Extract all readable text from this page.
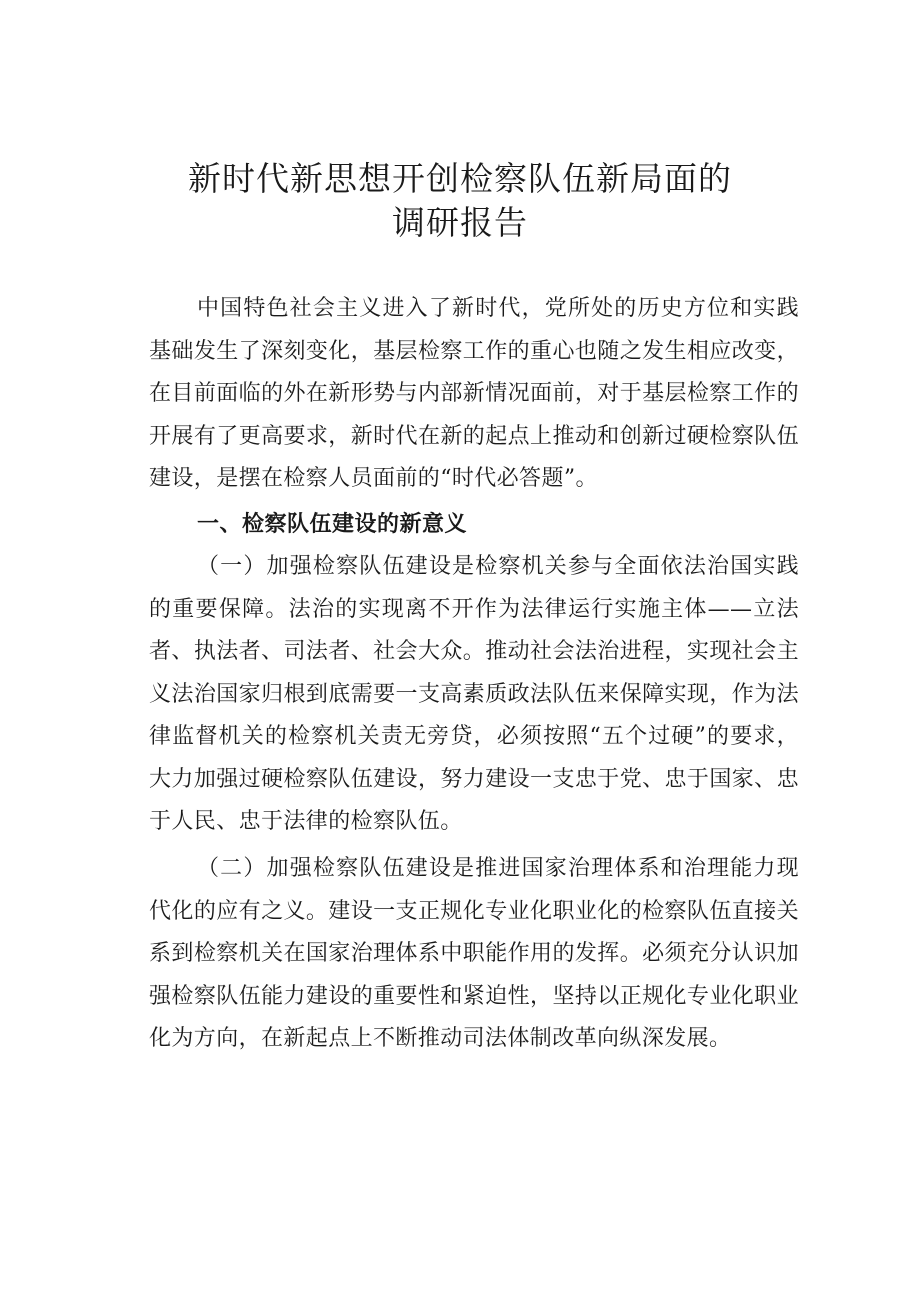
新时代新思想开创检察队伍新局面的
调研报告

中国特色社会主义进入了新时代，党所处的历史方位和实践基础发生了深刻变化，基层检察工作的重心也随之发生相应改变，在目前面临的外在新形势与内部新情况面前，对于基层检察工作的开展有了更高要求，新时代在新的起点上推动和创新过硬检察队伍建设，是摆在检察人员面前的“时代必答题”。

一、检察队伍建设的新意义

（一）加强检察队伍建设是检察机关参与全面依法治国实践的重要保障。法治的实现离不开作为法律运行实施主体——立法者、执法者、司法者、社会大众。推动社会法治进程，实现社会主义法治国家归根到底需要一支高素质政法队伍来保障实现，作为法律监督机关的检察机关责无旁贷，必须按照“五个过硬”的要求，大力加强过硬检察队伍建设，努力建设一支忠于党、忠于国家、忠于人民、忠于法律的检察队伍。

（二）加强检察队伍建设是推进国家治理体系和治理能力现代化的应有之义。建设一支正规化专业化职业化的检察队伍直接关系到检察机关在国家治理体系中职能作用的发挥。必须充分认识加强检察队伍能力建设的重要性和紧迫性，坚持以正规化专业化职业化为方向，在新起点上不断推动司法体制改革向纵深发展。
